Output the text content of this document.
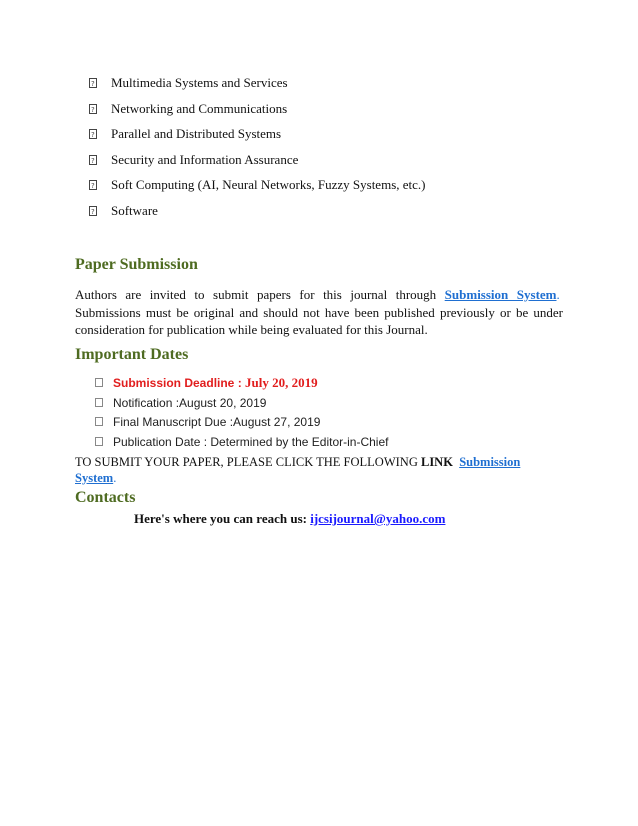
?
Multimedia Systems and Services
?
Networking and Communications
?
Parallel and Distributed Systems
?
Security and Information Assurance
?
Soft Computing (AI, Neural Networks, Fuzzy Systems, etc.)
?
Software
Paper Submission
Authors are invited to submit papers for this journal through Submission System.  Submissions must be original and should not have been published previously or be under consideration for publication while being evaluated for this Journal.
Important Dates
Submission Deadline : July 20, 2019
Notification :August 20, 2019
Final Manuscript Due :August 27, 2019
Publication Date : Determined by the Editor-in-Chief
TO SUBMIT YOUR PAPER, PLEASE CLICK THE FOLLOWING LINK Submission
System.
Contacts
Here's where you can reach us: ijcsijournal@yahoo.com
